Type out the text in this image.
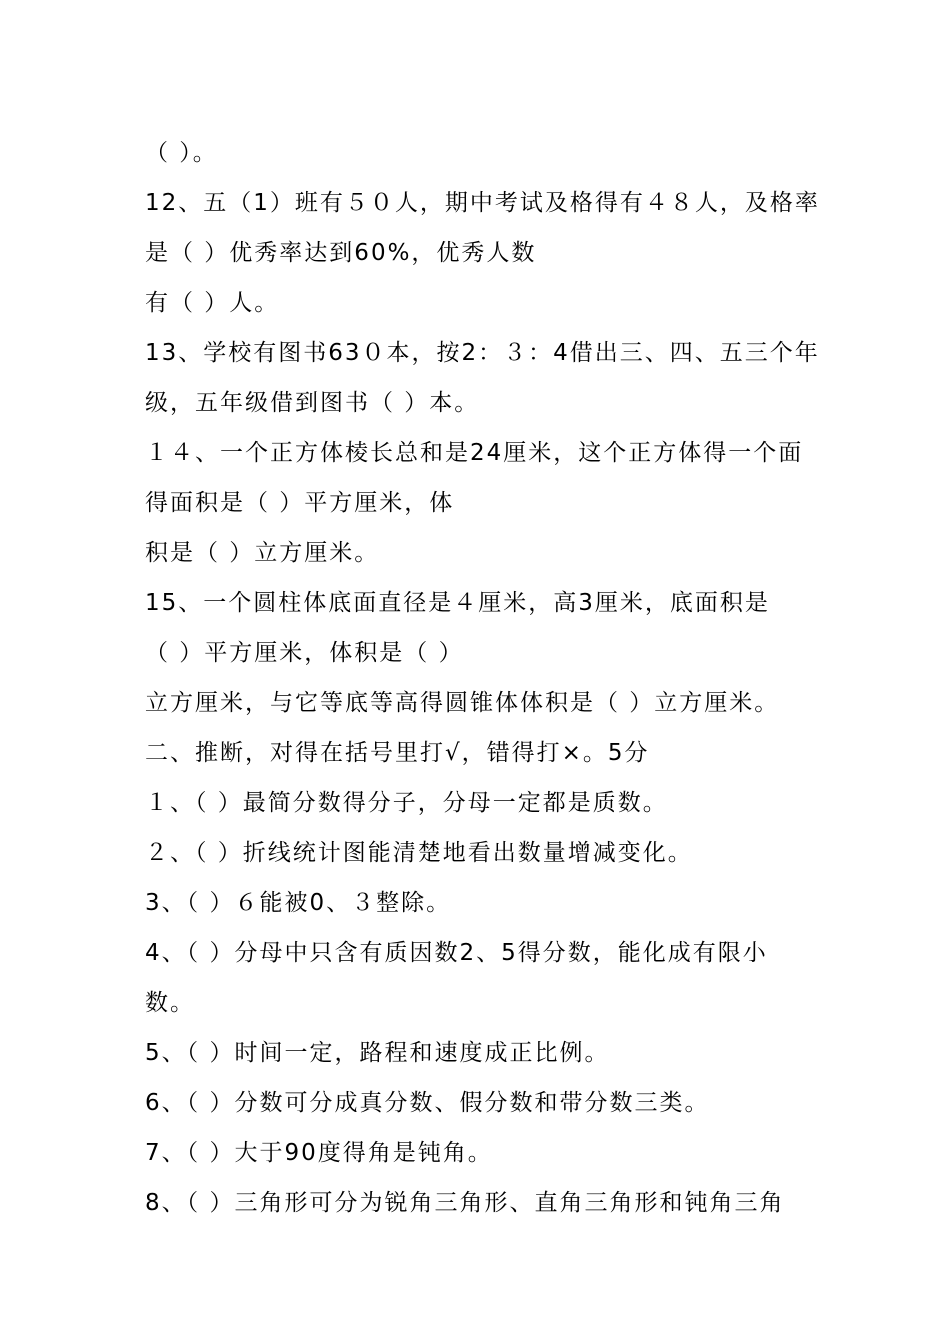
（ ）。
12、五（1）班有５０人，期中考试及格得有４８人，及格率
是（ ）优秀率达到60%，优秀人数
有（ ）人。
13、学校有图书63０本，按2：３：4借出三、四、五三个年
级，五年级借到图书（ ）本。
１４、一个正方体棱长总和是24厘米，这个正方体得一个面
得面积是（ ）平方厘米，体
积是（ ）立方厘米。
15、一个圆柱体底面直径是４厘米，高3厘米，底面积是
（ ）平方厘米，体积是（ ）
立方厘米，与它等底等高得圆锥体体积是（ ）立方厘米。
二、推断，对得在括号里打√，错得打×。5分
１、（ ）最简分数得分子，分母一定都是质数。
２、（ ）折线统计图能清楚地看出数量增减变化。
3、（ ）６能被0、３整除。
4、（ ）分母中只含有质因数2、5得分数，能化成有限小
数。
5、（ ）时间一定，路程和速度成正比例。
6、（ ）分数可分成真分数、假分数和带分数三类。
7、（ ）大于90度得角是钝角。
8、（ ）三角形可分为锐角三角形、直角三角形和钝角三角
